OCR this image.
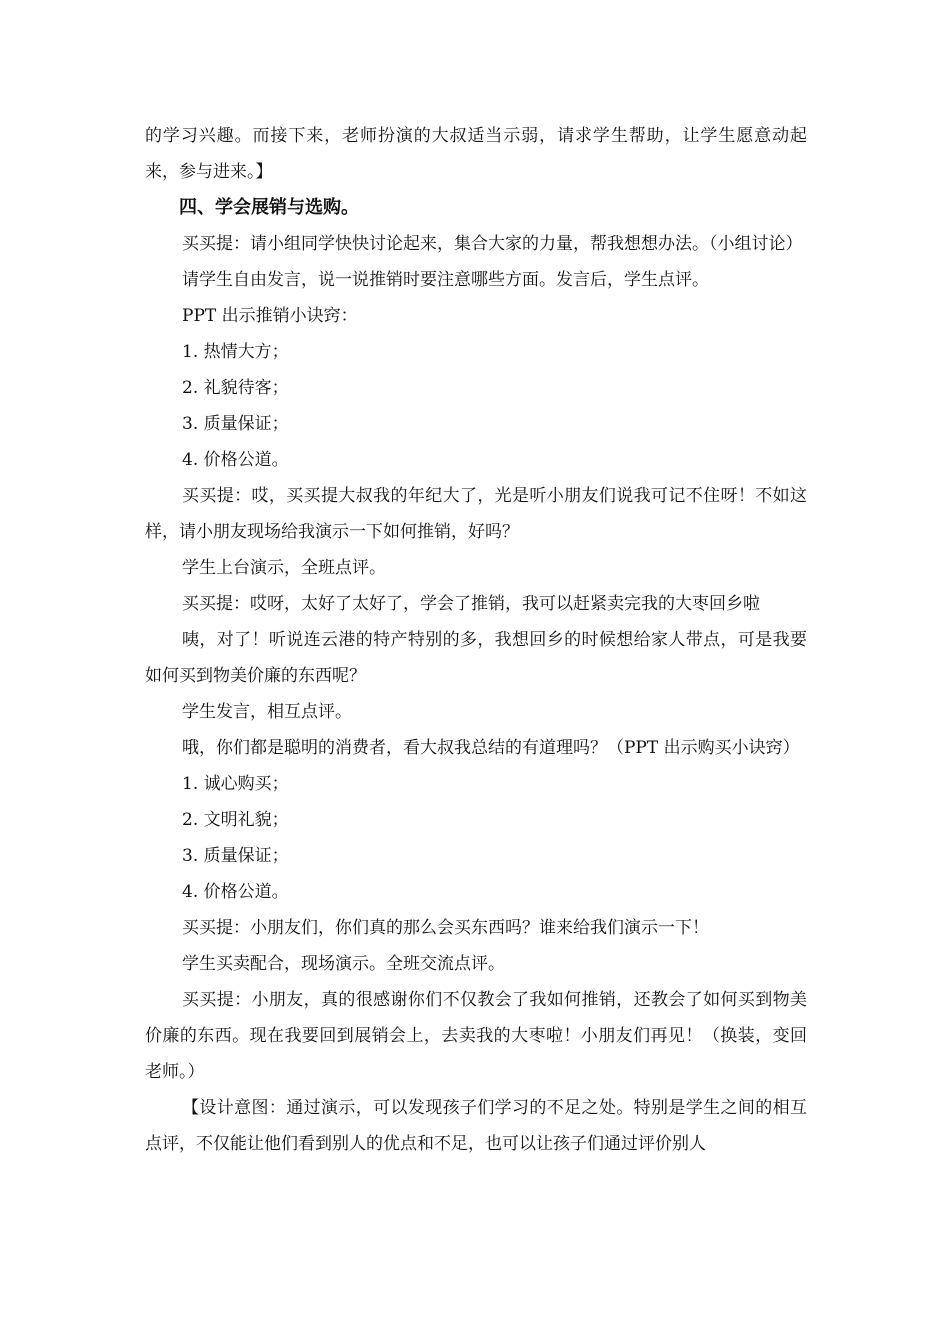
的学习兴趣。而接下来，老师扮演的大叔适当示弱，请求学生帮助，让学生愿意动起来，参与进来。】

四、学会展销与选购。

买买提：请小组同学快快讨论起来，集合大家的力量，帮我想想办法。（小组讨论）

请学生自由发言，说一说推销时要注意哪些方面。发言后，学生点评。

PPT 出示推销小诀窍：

1. 热情大方；

2. 礼貌待客；

3. 质量保证；

4. 价格公道。

买买提：哎，买买提大叔我的年纪大了，光是听小朋友们说我可记不住呀！不如这样，请小朋友现场给我演示一下如何推销，好吗？

学生上台演示，全班点评。

买买提：哎呀，太好了太好了，学会了推销，我可以赶紧卖完我的大枣回乡啦

咦，对了！听说连云港的特产特别的多，我想回乡的时候想给家人带点，可是我要如何买到物美价廉的东西呢？

学生发言，相互点评。

哦，你们都是聪明的消费者，看大叔我总结的有道理吗？（PPT 出示购买小诀窍）

1. 诚心购买；

2. 文明礼貌；

3. 质量保证；

4. 价格公道。

买买提：小朋友们，你们真的那么会买东西吗？谁来给我们演示一下！

学生买卖配合，现场演示。全班交流点评。

买买提：小朋友，真的很感谢你们不仅教会了我如何推销，还教会了如何买到物美价廉的东西。现在我要回到展销会上，去卖我的大枣啦！小朋友们再见！（换装，变回老师。）

【设计意图：通过演示，可以发现孩子们学习的不足之处。特别是学生之间的相互点评，不仅能让他们看到别人的优点和不足，也可以让孩子们通过评价别人
